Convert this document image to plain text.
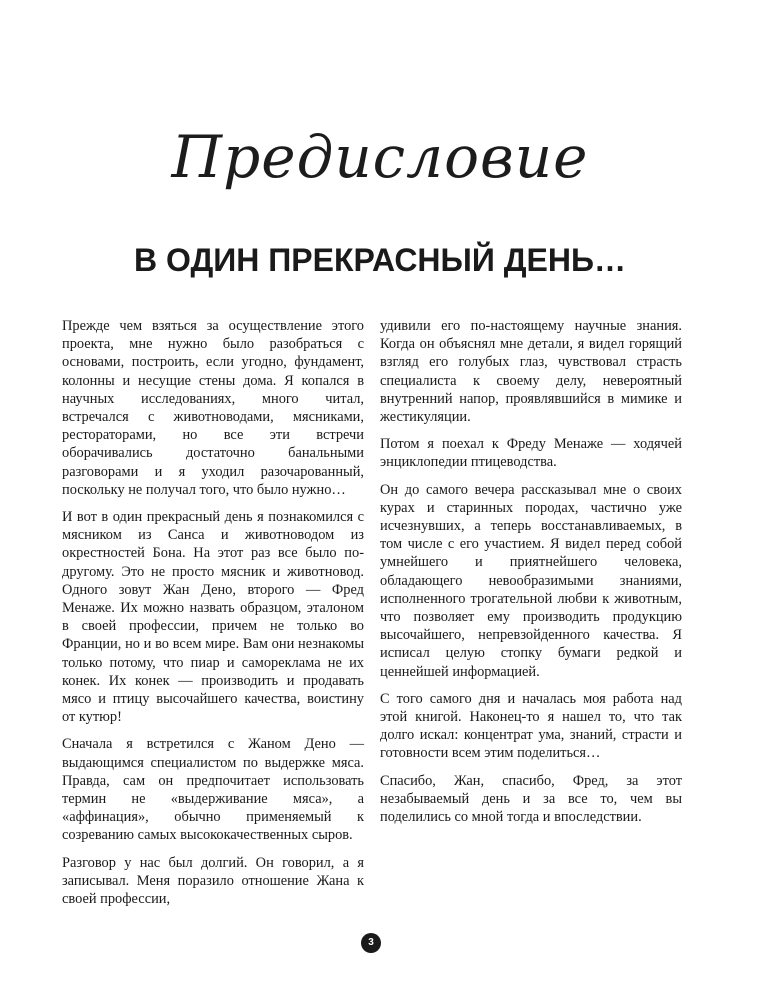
Предисловие
В ОДИН ПРЕКРАСНЫЙ ДЕНЬ…

Прежде чем взяться за осуществление этого проекта, мне нужно было разобраться с основами, построить, если угодно, фундамент, колонны и несущие стены дома. Я копался в научных исследованиях, много читал, встречался с животноводами, мясниками, рестораторами, но все эти встречи оборачивались достаточно банальными разговорами и я уходил разочарованный, поскольку не получал того, что было нужно…

И вот в один прекрасный день я познакомился с мясником из Санса и животноводом из окрестностей Бона. На этот раз все было по-другому. Это не просто мясник и животновод. Одного зовут Жан Дено, второго — Фред Менаже. Их можно назвать образцом, эталоном в своей профессии, причем не только во Франции, но и во всем мире. Вам они незнакомы только потому, что пиар и самореклама не их конек. Их конек — производить и продавать мясо и птицу высочайшего качества, воистину от кутюр!

Сначала я встретился с Жаном Дено — выдающимся специалистом по выдержке мяса. Правда, сам он предпочитает использовать термин не «выдерживание мяса», а «аффинация», обычно применяемый к созреванию самых высококачественных сыров.

Разговор у нас был долгий. Он говорил, а я записывал. Меня поразило отношение Жана к своей профессии,

удивили его по-настоящему научные знания. Когда он объяснял мне детали, я видел горящий взгляд его голубых глаз, чувствовал страсть специалиста к своему делу, невероятный внутренний напор, проявлявшийся в мимике и жестикуляции.

Потом я поехал к Фреду Менаже — ходячей энциклопедии птицеводства.

Он до самого вечера рассказывал мне о своих курах и старинных породах, частично уже исчезнувших, а теперь восстанавливаемых, в том числе с его участием. Я видел перед собой умнейшего и приятнейшего человека, обладающего невообразимыми знаниями, исполненного трогательной любви к животным, что позволяет ему производить продукцию высочайшего, непревзойденного качества. Я исписал целую стопку бумаги редкой и ценнейшей информацией.

С того самого дня и началась моя работа над этой книгой. Наконец-то я нашел то, что так долго искал: концентрат ума, знаний, страсти и готовности всем этим поделиться…

Спасибо, Жан, спасибо, Фред, за этот незабываемый день и за все то, чем вы поделились со мной тогда и впоследствии.

3
